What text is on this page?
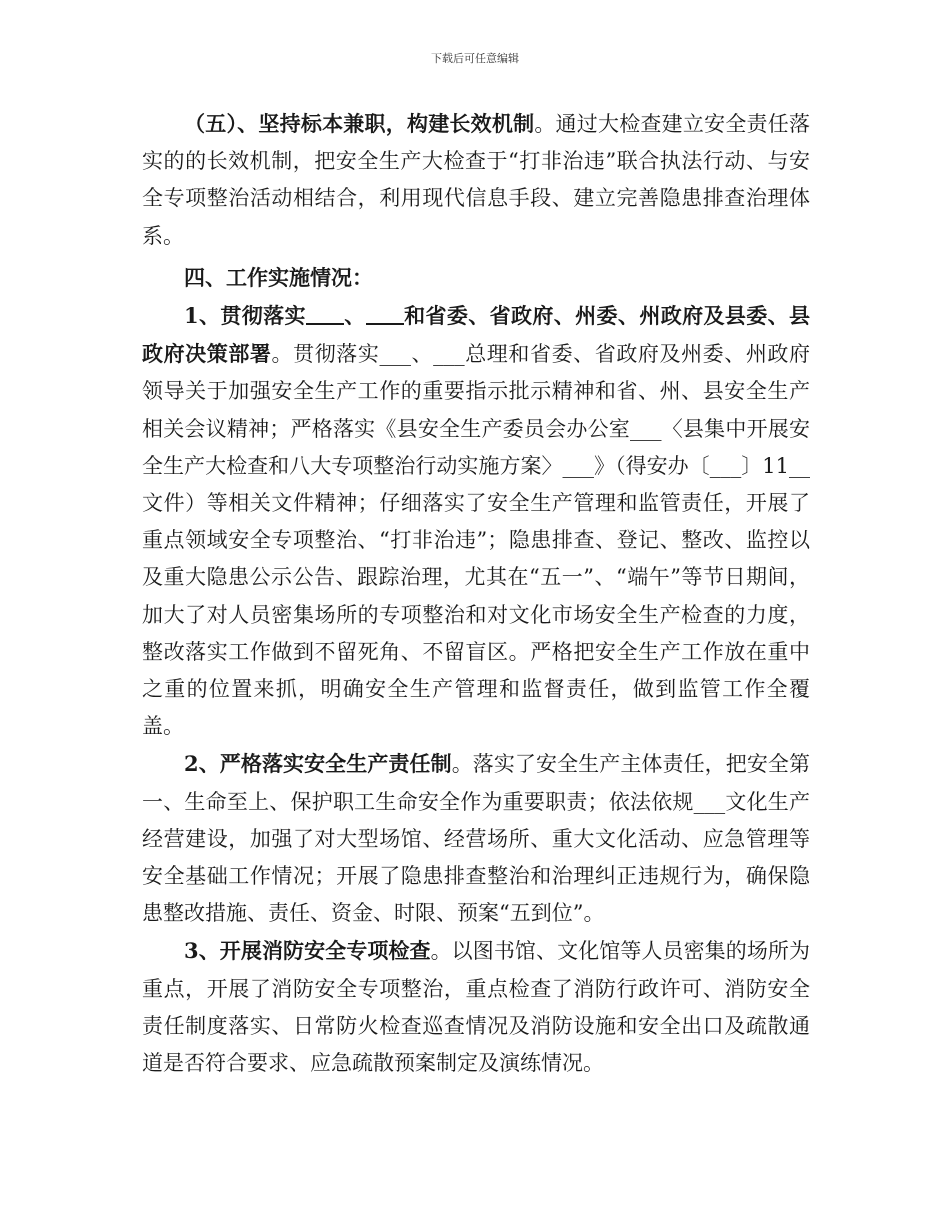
下载后可任意编辑

（五）、坚持标本兼职，构建长效机制。通过大检查建立安全责任落实的的长效机制，把安全生产大检查于“打非治违”联合执法行动、与安全专项整治活动相结合，利用现代信息手段、建立完善隐患排查治理体系。

四、工作实施情况：

1、贯彻落实 、 和省委、省政府、州委、州政府及县委、县政府决策部署。贯彻落实___、___总理和省委、省政府及州委、州政府领导关于加强安全生产工作的重要指示批示精神和省、州、县安全生产相关会议精神；严格落实《县安全生产委员会办公室___〈县集中开展安全生产大检查和八大专项整治行动实施方案〉___》（得安办〔___〕11__文件）等相关文件精神；仔细落实了安全生产管理和监管责任，开展了重点领域安全专项整治、“打非治违”；隐患排查、登记、整改、监控以及重大隐患公示公告、跟踪治理，尤其在“五一”、“端午”等节日期间，加大了对人员密集场所的专项整治和对文化市场安全生产检查的力度，整改落实工作做到不留死角、不留盲区。严格把安全生产工作放在重中之重的位置来抓，明确安全生产管理和监督责任，做到监管工作全覆盖。

2、严格落实安全生产责任制。落实了安全生产主体责任，把安全第一、生命至上、保护职工生命安全作为重要职责；依法依规___文化生产经营建设，加强了对大型场馆、经营场所、重大文化活动、应急管理等安全基础工作情况；开展了隐患排查整治和治理纠正违规行为，确保隐患整改措施、责任、资金、时限、预案“五到位”。

3、开展消防安全专项检查。以图书馆、文化馆等人员密集的场所为重点，开展了消防安全专项整治，重点检查了消防行政许可、消防安全责任制度落实、日常防火检查巡查情况及消防设施和安全出口及疏散通道是否符合要求、应急疏散预案制定及演练情况。
